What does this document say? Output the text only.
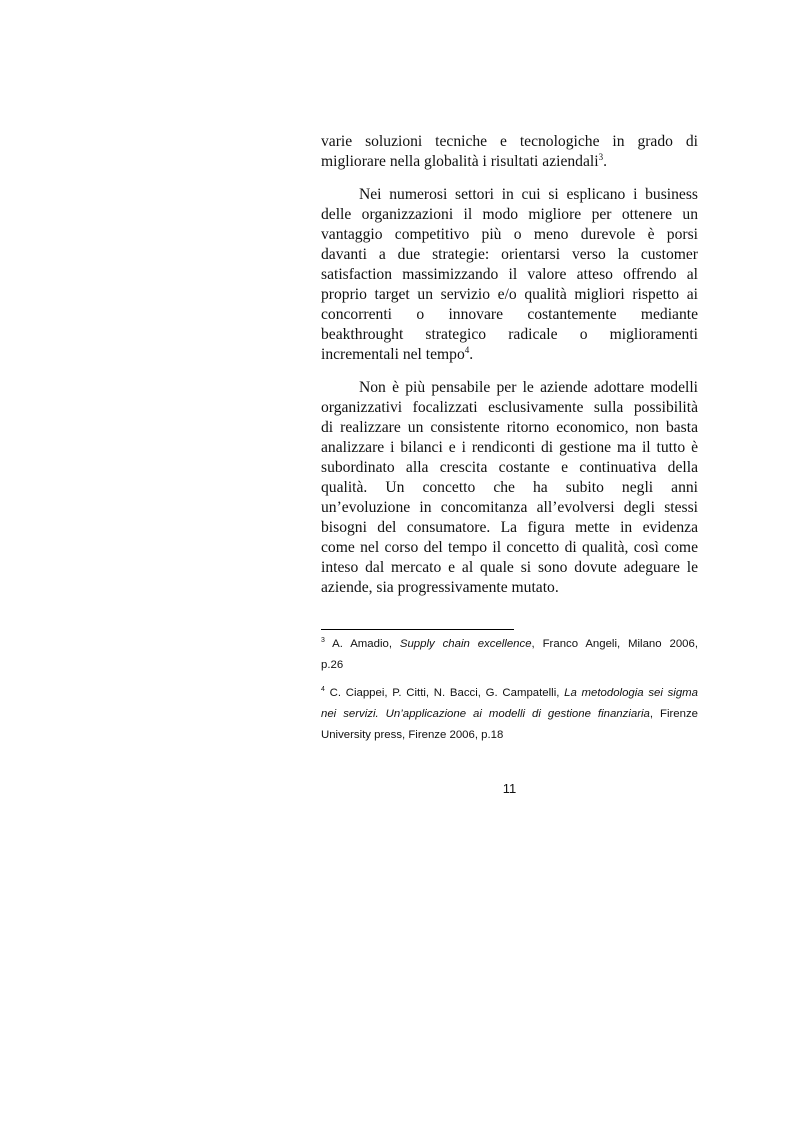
varie soluzioni tecniche e tecnologiche in grado di
migliorare nella globalità i risultati aziendali$^3$.
Nei numerosi settori in cui si esplicano i business
delle organizzazioni il modo migliore per ottenere un
vantaggio competitivo più o meno durevole è porsi
davanti a due strategie: orientarsi verso la customer
satisfaction massimizzando il valore atteso offrendo al
proprio target un servizio e/o qualità migliori rispetto ai
concorrenti o innovare costantemente mediante
beakthrought strategico radicale o miglioramenti
incrementali nel tempo$^4$.
Non è più pensabile per le aziende adottare modelli
organizzativi focalizzati esclusivamente sulla possibilità
di realizzare un consistente ritorno economico, non basta
analizzare i bilanci e i rendiconti di gestione ma il tutto è
subordinato alla crescita costante e continuativa della
qualità. Un concetto che ha subito negli anni
un’evoluzione in concomitanza all’evolversi degli stessi
bisogni del consumatore. La figura mette in evidenza
come nel corso del tempo il concetto di qualità, così come
inteso dal mercato e al quale si sono dovute adeguare le
aziende, sia progressivamente mutato.
$^3$ A. Amadio, Supply chain excellence, Franco Angeli, Milano 2006,
p.26
$^4$ C. Ciappei, P. Citti, N. Bacci, G. Campatelli, La metodologia sei sigma
nei servizi. Un’applicazione ai modelli di gestione finanziaria, Firenze
University press, Firenze 2006, p.18
11
